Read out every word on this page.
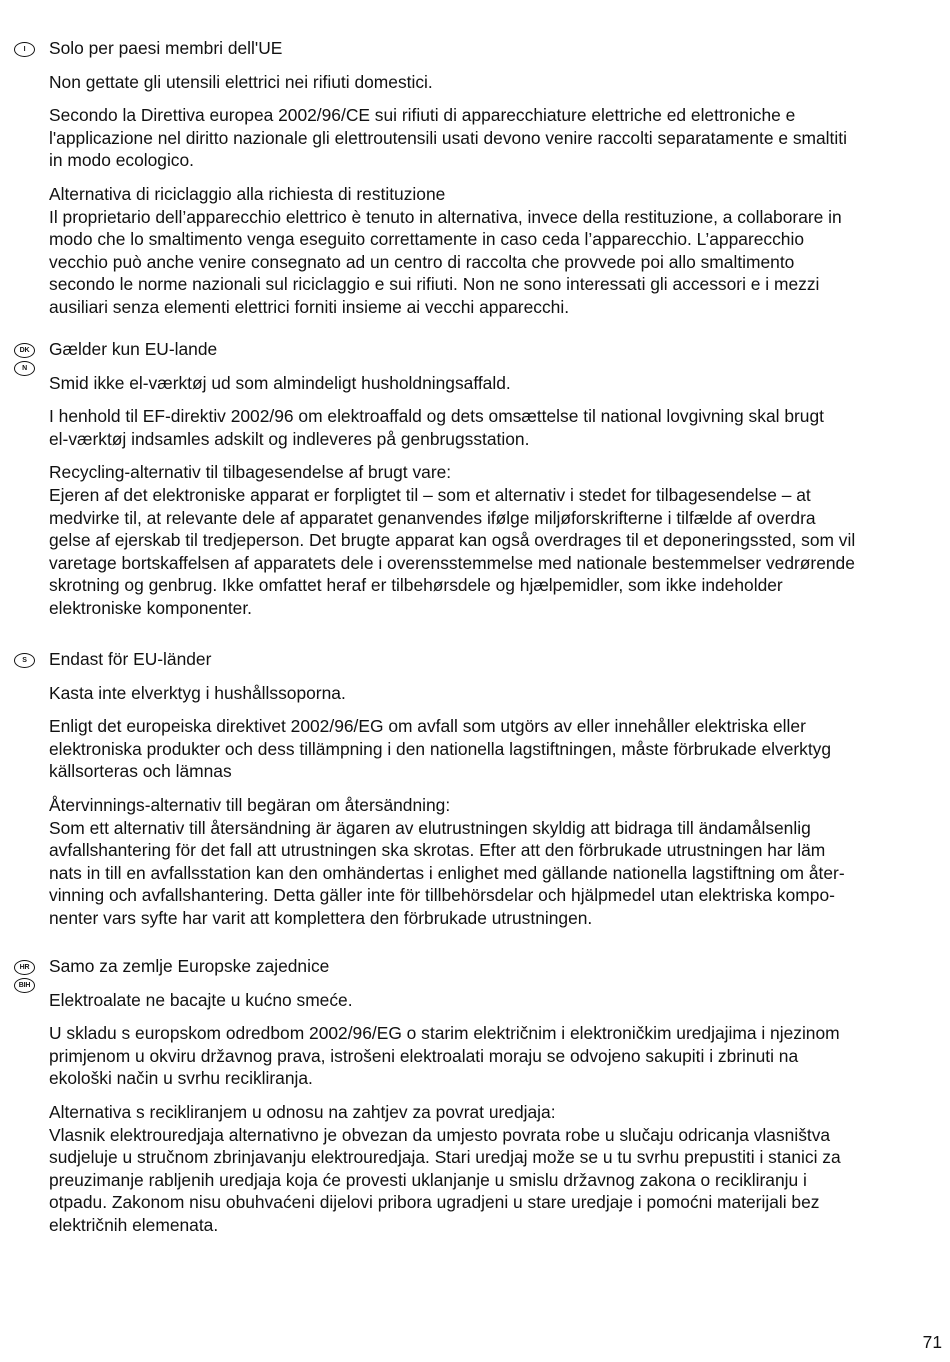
I	Solo per paesi membri dell'UE

Non gettate gli utensili elettrici nei rifiuti domestici.

Secondo la Direttiva europea 2002/96/CE sui rifiuti di apparecchiature elettriche ed elettroniche e
l'applicazione nel diritto nazionale gli elettroutensili usati devono venire raccolti separatamente e smaltiti
in modo ecologico.

Alternativa di riciclaggio alla richiesta di restituzione
Il proprietario dell’apparecchio elettrico è tenuto in alternativa, invece della restituzione, a collaborare in
modo che lo smaltimento venga eseguito correttamente in caso ceda l’apparecchio. L’apparecchio
vecchio può anche venire consegnato ad un centro di raccolta che provvede poi allo smaltimento
secondo le norme nazionali sul riciclaggio e sui rifiuti. Non ne sono interessati gli accessori e i mezzi
ausiliari senza elementi elettrici forniti insieme ai vecchi apparecchi.

DK
N

Gælder kun EU-lande

Smid ikke el-værktøj ud som almindeligt husholdningsaffald.

I henhold til EF-direktiv 2002/96 om elektroaffald og dets omsættelse til national lovgivning skal brugt
el-værktøj indsamles adskilt og indleveres på genbrugsstation.

Recycling-alternativ til tilbagesendelse af brugt vare:
Ejeren af det elektroniske apparat er forpligtet til – som et alternativ i stedet for tilbagesendelse – at
medvirke til, at relevante dele af apparatet genanvendes ifølge miljøforskrifterne i tilfælde af overdra
gelse af ejerskab til tredjeperson. Det brugte apparat kan også overdrages til et deponeringssted, som vil
varetage bortskaffelsen af apparatets dele i overensstemmelse med nationale bestemmelser vedrørende
skrotning og genbrug. Ikke omfattet heraf er tilbehørsdele og hjælpemidler, som ikke indeholder
elektroniske komponenter.

S	Endast för EU-länder

Kasta inte elverktyg i hushållssoporna.

Enligt det europeiska direktivet 2002/96/EG om avfall som utgörs av eller innehåller elektriska eller
elektroniska produkter och dess tillämpning i den nationella lagstiftningen, måste förbrukade elverktyg
källsorteras och lämnas

Återvinnings-alternativ till begäran om återsändning:
Som ett alternativ till återsändning är ägaren av elutrustningen skyldig att bidraga till ändamålsenlig
avfallshantering för det fall att utrustningen ska skrotas. Efter att den förbrukade utrustningen har läm
nats in till en avfallsstation kan den omhändertas i enlighet med gällande nationella lagstiftning om åter-
vinning och avfallshantering. Detta gäller inte för tillbehörsdelar och hjälpmedel utan elektriska kompo-
nenter vars syfte har varit att komplettera den förbrukade utrustningen.

HR
BIH

Samo za zemlje Europske zajednice

Elektroalate ne bacajte u kućno smeće.

U skladu s europskom odredbom 2002/96/EG o starim električnim i elektroničkim uredjajima i njezinom
primjenom u okviru državnog prava, istrošeni elektroalati moraju se odvojeno sakupiti i zbrinuti na
ekološki način u svrhu recikliranja.

Alternativa s recikliranjem u odnosu na zahtjev za povrat uredjaja:
Vlasnik elektrouredjaja alternativno je obvezan da umjesto povrata robe u slučaju odricanja vlasništva
sudjeluje u stručnom zbrinjavanju elektrouredjaja. Stari uredjaj može se u tu svrhu prepustiti i stanici za
preuzimanje rabljenih uredjaja koja će provesti uklanjanje u smislu državnog zakona o recikliranju i
otpadu. Zakonom nisu obuhvaćeni dijelovi pribora ugradjeni u stare uredjaje i pomoćni materijali bez
električnih elemenata.

71
